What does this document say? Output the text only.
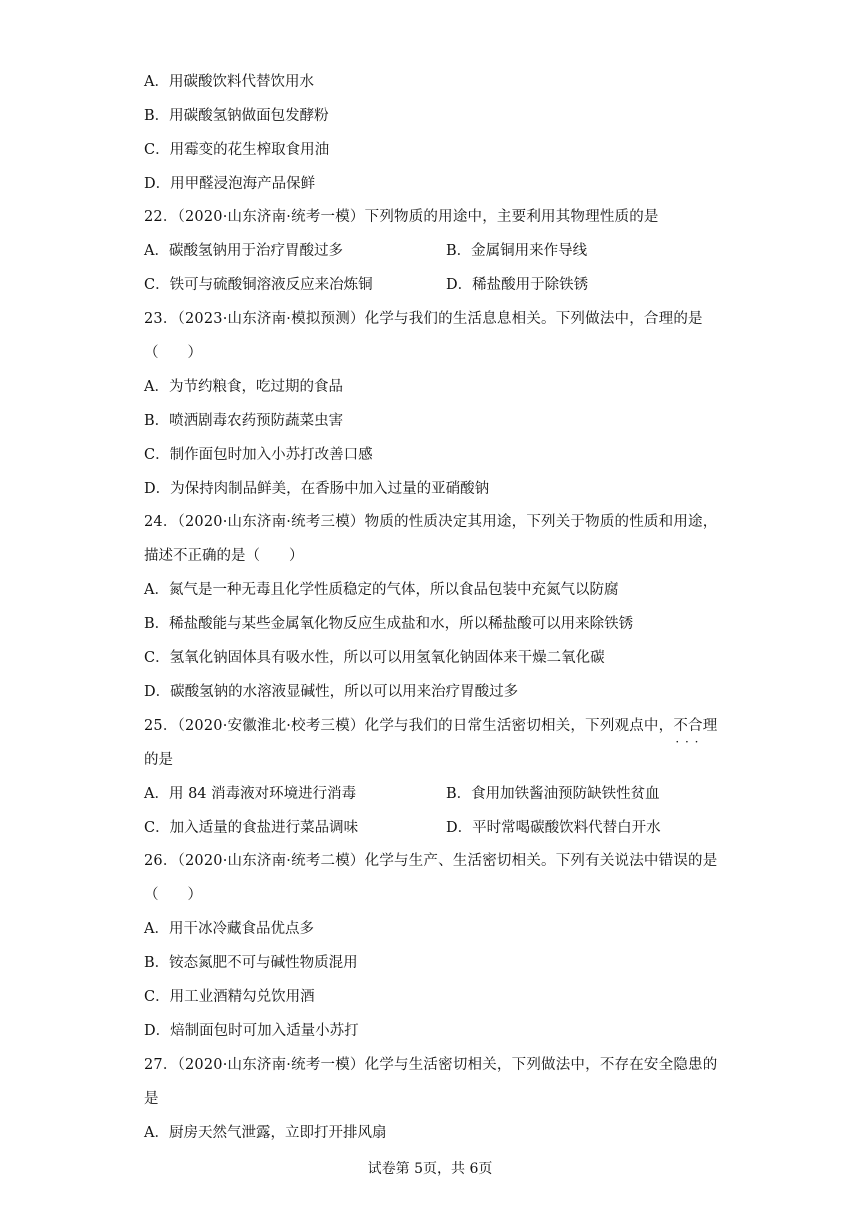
A．用碳酸饮料代替饮用水
B．用碳酸氢钠做面包发酵粉
C．用霉变的花生榨取食用油
D．用甲醛浸泡海产品保鲜
22．（2020·山东济南·统考一模）下列物质的用途中，主要利用其物理性质的是
A．碳酸氢钠用于治疗胃酸过多	B．金属铜用来作导线
C．铁可与硫酸铜溶液反应来冶炼铜	D．稀盐酸用于除铁锈
23．（2023·山东济南·模拟预测）化学与我们的生活息息相关。下列做法中，合理的是
（　　）
A．为节约粮食，吃过期的食品
B．喷洒剧毒农药预防蔬菜虫害
C．制作面包时加入小苏打改善口感
D．为保持肉制品鲜美，在香肠中加入过量的亚硝酸钠
24．（2020·山东济南·统考三模）物质的性质决定其用途，下列关于物质的性质和用途，
描述不正确的是（　　）
A．氮气是一种无毒且化学性质稳定的气体，所以食品包装中充氮气以防腐
B．稀盐酸能与某些金属氧化物反应生成盐和水，所以稀盐酸可以用来除铁锈
C．氢氧化钠固体具有吸水性，所以可以用氢氧化钠固体来干燥二氧化碳
D．碳酸氢钠的水溶液显碱性，所以可以用来治疗胃酸过多
25．（2020·安徽淮北·校考三模）化学与我们的日常生活密切相关，下列观点中，不合理 · · ·
的是
A．用 84 消毒液对环境进行消毒	B．食用加铁酱油预防缺铁性贫血
C．加入适量的食盐进行菜品调味	D．平时常喝碳酸饮料代替白开水
26．（2020·山东济南·统考二模）化学与生产、生活密切相关。下列有关说法中错误的是
（　　）
A．用干冰冷藏食品优点多
B．铵态氮肥不可与碱性物质混用
C．用工业酒精勾兑饮用酒
D．焙制面包时可加入适量小苏打
27．（2020·山东济南·统考一模）化学与生活密切相关，下列做法中，不存在安全隐患的
是
A．厨房天然气泄露，立即打开排风扇
试卷第 5页，共 6页
